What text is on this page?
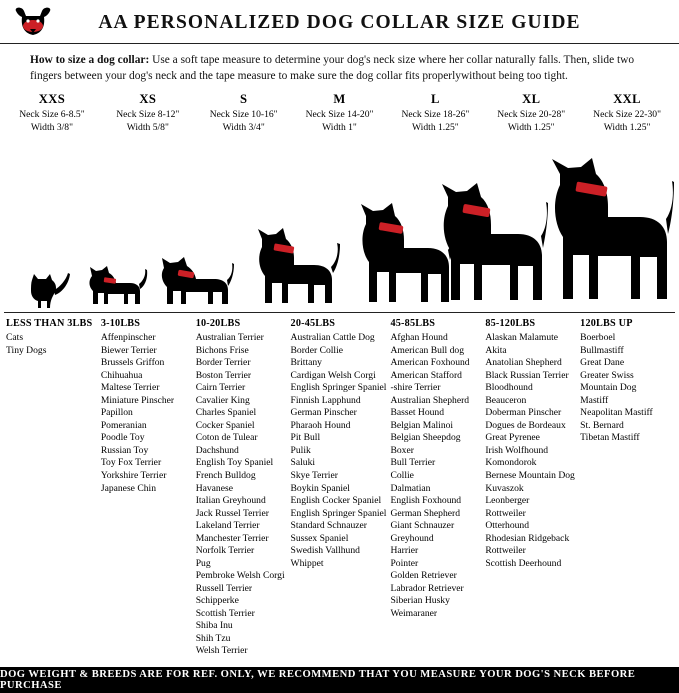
AA PERSONALIZED DOG COLLAR SIZE GUIDE
How to size a dog collar: Use a soft tape measure to determine your dog's neck size where her collar naturally falls. Then, slide two fingers between your dog's neck and the tape measure to make sure the dog collar fits properlywithout being too tight.
XXS
Neck Size 6-8.5"
Width 3/8"
XS
Neck Size 8-12"
Width 5/8"
S
Neck Size 10-16"
Width 3/4"
M
Neck Size 14-20"
Width 1"
L
Neck Size 18-26"
Width 1.25"
XL
Neck Size 20-28"
Width 1.25"
XXL
Neck Size 22-30"
Width 1.25"
LESS THAN 3LBS
Cats
Tiny Dogs
3-10LBS
Affenpinscher
Biewer Terrier
Brussels Griffon
Chihuahua
Maltese Terrier
Miniature Pinscher
Papillon
Pomeranian
Poodle Toy
Russian Toy
Toy Fox Terrier
Yorkshire Terrier
Japanese Chin
10-20LBS
Australian Terrier
Bichons Frise
Border Terrier
Boston Terrier
Cairn Terrier
Cavalier King
Charles Spaniel
Cocker Spaniel
Coton de Tulear
Dachshund
English Toy Spaniel
French Bulldog
Havanese
Italian Greyhound
Jack Russel Terrier
Lakeland Terrier
Manchester Terrier
Norfolk Terrier
Pug
Pembroke Welsh Corgi
Russell Terrier
Schipperke
Scottish Terrier
Shiba Inu
Shih Tzu
Welsh Terrier
20-45LBS
Australian Cattle Dog
Border Collie
Brittany
Cardigan Welsh Corgi
English Springer Spaniel
Finnish Lapphund
German Pinscher
Pharaoh Hound
Pit Bull
Pulik
Saluki
Skye Terrier
Boykin Spaniel
English Cocker Spaniel
English Springer Spaniel
Standard Schnauzer
Sussex Spaniel
Swedish Vallhund
Whippet
45-85LBS
Afghan Hound
American Bull dog
American Foxhound
American Stafford
-shire Terrier
Australian Shepherd
Basset Hound
Belgian Malinoi
Belgian Sheepdog
Boxer
Bull Terrier
Collie
Dalmatian
English Foxhound
German Shepherd
Giant Schnauzer
Greyhound
Harrier
Pointer
Golden Retriever
Labrador Retriever
Siberian Husky
Weimaraner
85-120LBS
Alaskan Malamute
Akita
Anatolian Shepherd
Black Russian Terrier
Bloodhound
Beauceron
Doberman Pinscher
Dogues de Bordeaux
Great Pyrenee
Irish Wolfhound
Komondorok
Bernese Mountain Dog
Kuvaszok
Leonberger
Rottweiler
Otterhound
Rhodesian Ridgeback
Rottweiler
Scottish Deerhound
120LBS UP
Boerboel
Bullmastiff
Great Dane
Greater Swiss
Mountain Dog
Mastiff
Neapolitan Mastiff
St. Bernard
Tibetan Mastiff
DOG WEIGHT & BREEDS ARE FOR REF. ONLY, WE RECOMMEND THAT YOU MEASURE YOUR DOG'S NECK BEFORE PURCHASE
